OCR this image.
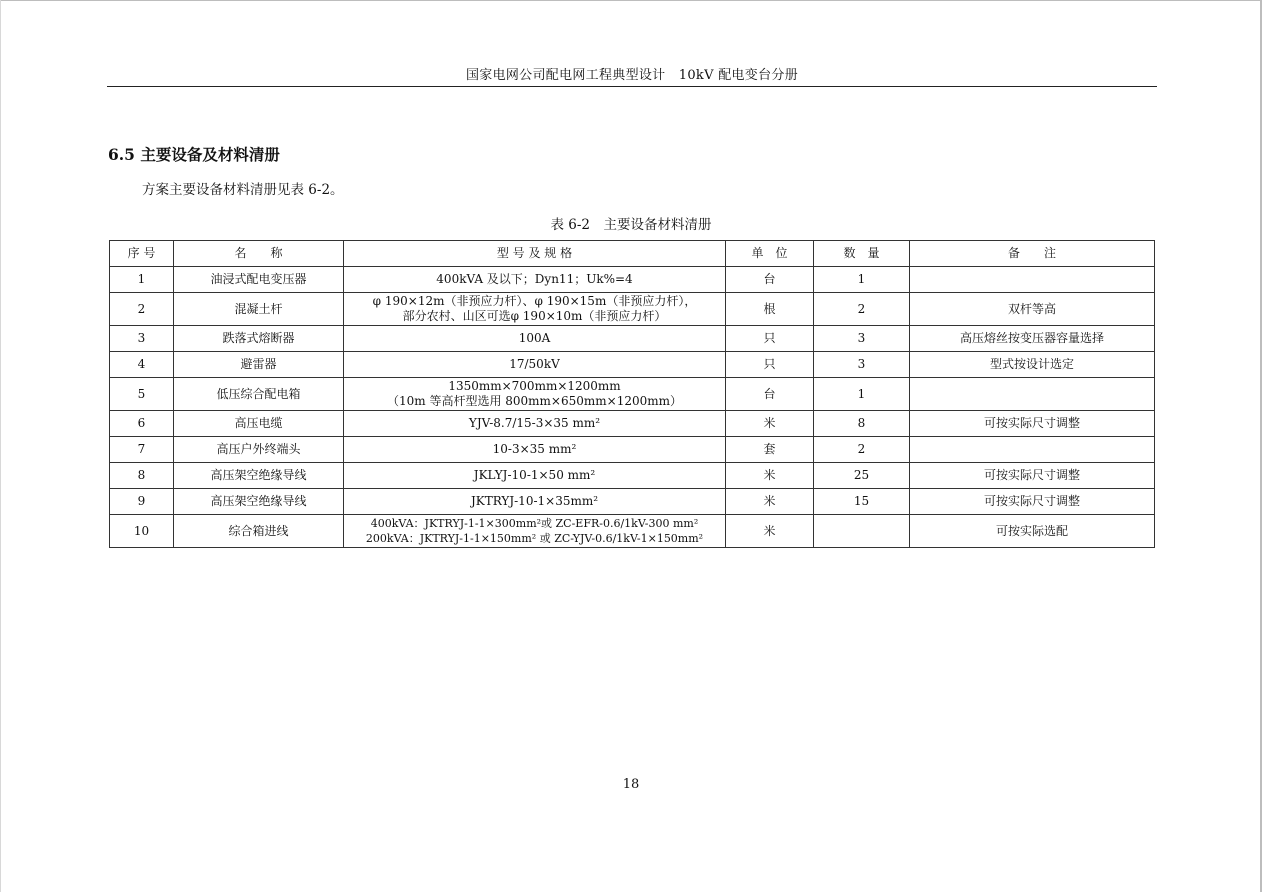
国家电网公司配电网工程典型设计　10kV 配电变台分册
6.5 主要设备及材料清册

方案主要设备材料清册见表 6-2。

表 6-2　主要设备材料清册
序 号	名　　称	型 号 及 规 格	单　位	数　量	备　　注
1	油浸式配电变压器	400kVA 及以下；Dyn11；Uk%=4	台	1	
2	混凝土杆	φ 190×12m（非预应力杆）、φ 190×15m（非预应力杆），
部分农村、山区可选φ 190×10m（非预应力杆）	根	2	双杆等高
3	跌落式熔断器	100A	只	3	高压熔丝按变压器容量选择
4	避雷器	17/50kV	只	3	型式按设计选定
5	低压综合配电箱	1350mm×700mm×1200mm
（10m 等高杆型选用 800mm×650mm×1200mm）	台	1	
6	高压电缆	YJV-8.7/15-3×35 mm²	米	8	可按实际尺寸调整
7	高压户外终端头	10-3×35 mm²	套	2	
8	高压架空绝缘导线	JKLYJ-10-1×50 mm²	米	25	可按实际尺寸调整
9	高压架空绝缘导线	JKTRYJ-10-1×35mm²	米	15	可按实际尺寸调整
10	综合箱进线	400kVA：JKTRYJ-1-1×300mm²或 ZC-EFR-0.6/1kV-300 mm²
200kVA：JKTRYJ-1-1×150mm² 或 ZC-YJV-0.6/1kV-1×150mm²	米		可按实际选配
18
